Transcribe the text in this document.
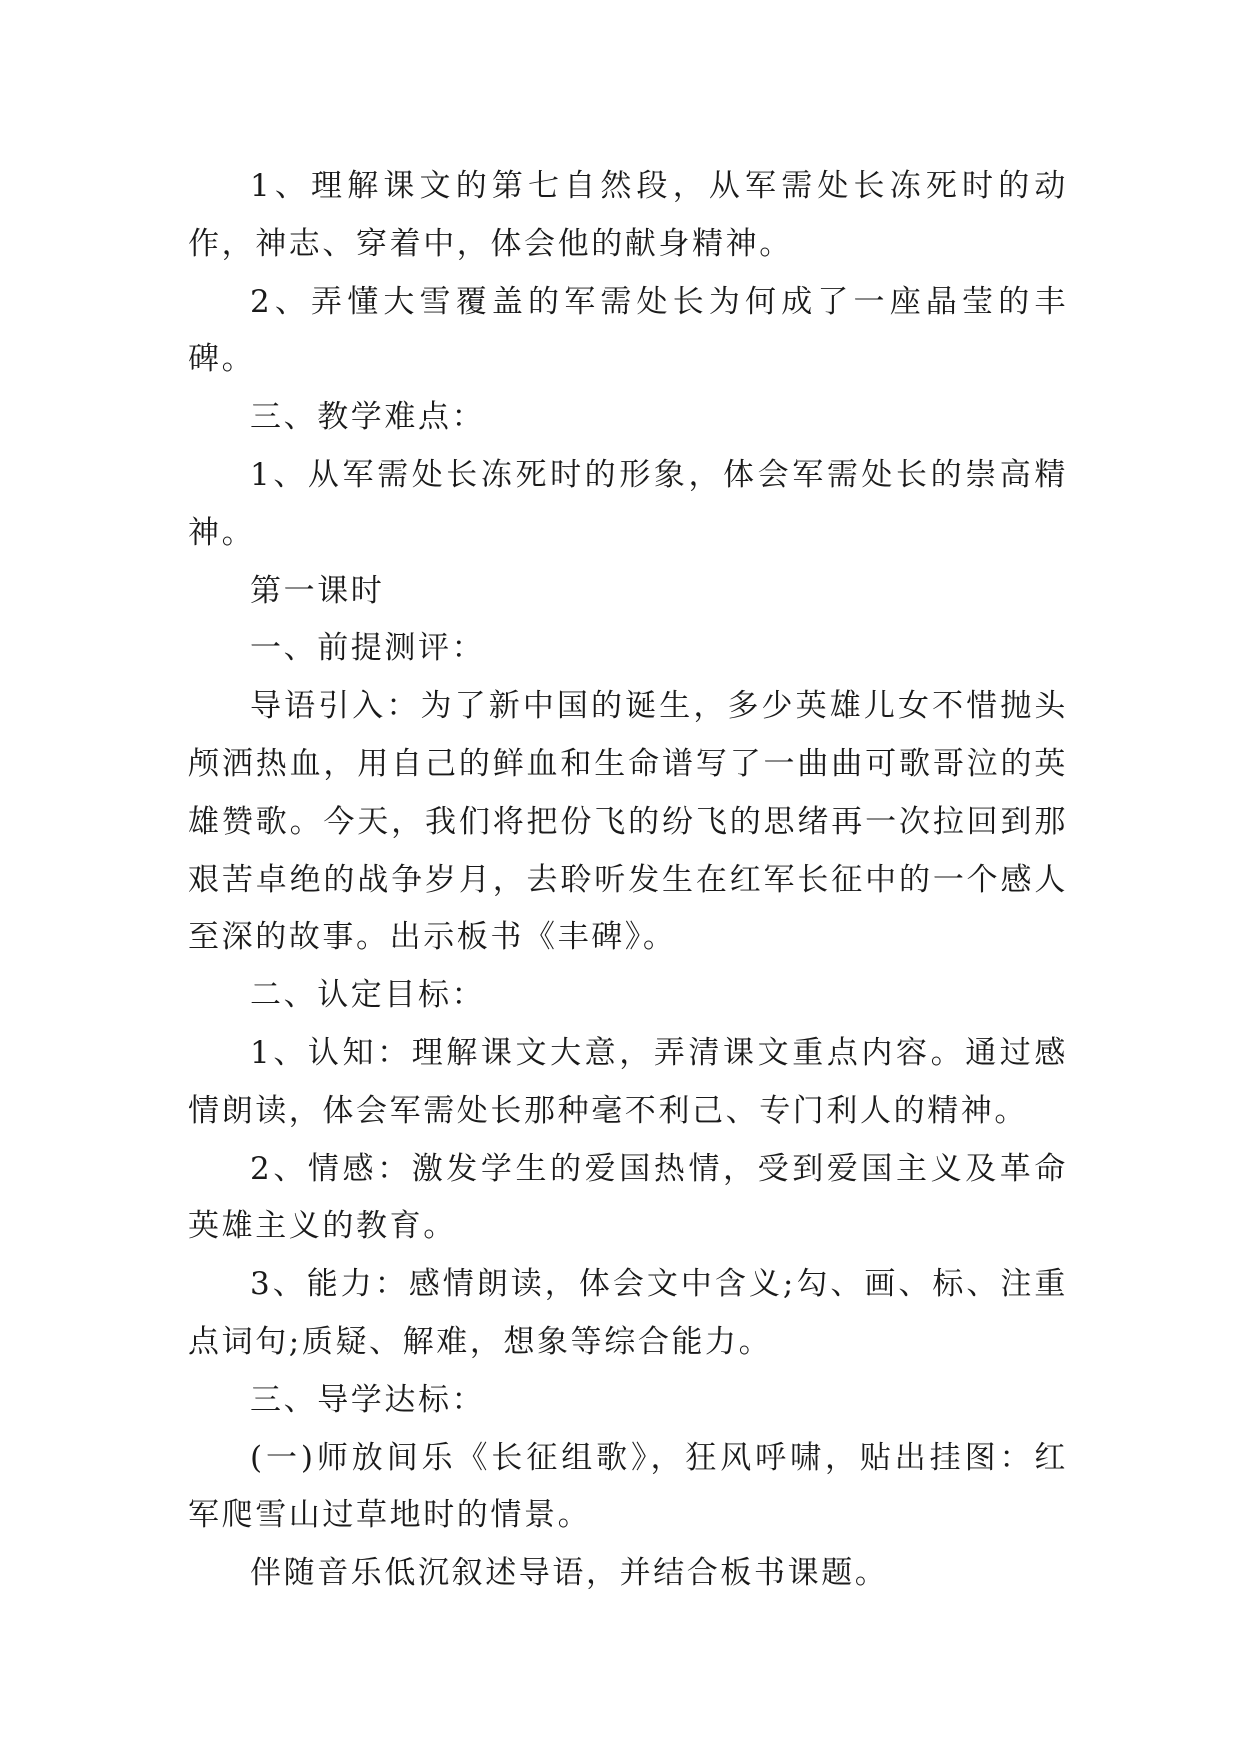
1、理解课文的第七自然段，从军需处长冻死时的动作，神志、穿着中，体会他的献身精神。

2、弄懂大雪覆盖的军需处长为何成了一座晶莹的丰碑。

三、教学难点：

1、从军需处长冻死时的形象，体会军需处长的崇高精神。

第一课时

一、前提测评：

导语引入：为了新中国的诞生，多少英雄儿女不惜抛头颅洒热血，用自己的鲜血和生命谱写了一曲曲可歌哥泣的英雄赞歌。今天，我们将把份飞的纷飞的思绪再一次拉回到那艰苦卓绝的战争岁月，去聆听发生在红军长征中的一个感人至深的故事。出示板书《丰碑》。

二、认定目标：

1、认知：理解课文大意，弄清课文重点内容。通过感情朗读，体会军需处长那种毫不利己、专门利人的精神。

2、情感：激发学生的爱国热情，受到爱国主义及革命英雄主义的教育。

3、能力：感情朗读，体会文中含义;勾、画、标、注重点词句;质疑、解难，想象等综合能力。

三、导学达标：

(一)师放间乐《长征组歌》，狂风呼啸，贴出挂图：红军爬雪山过草地时的情景。

伴随音乐低沉叙述导语，并结合板书课题。
